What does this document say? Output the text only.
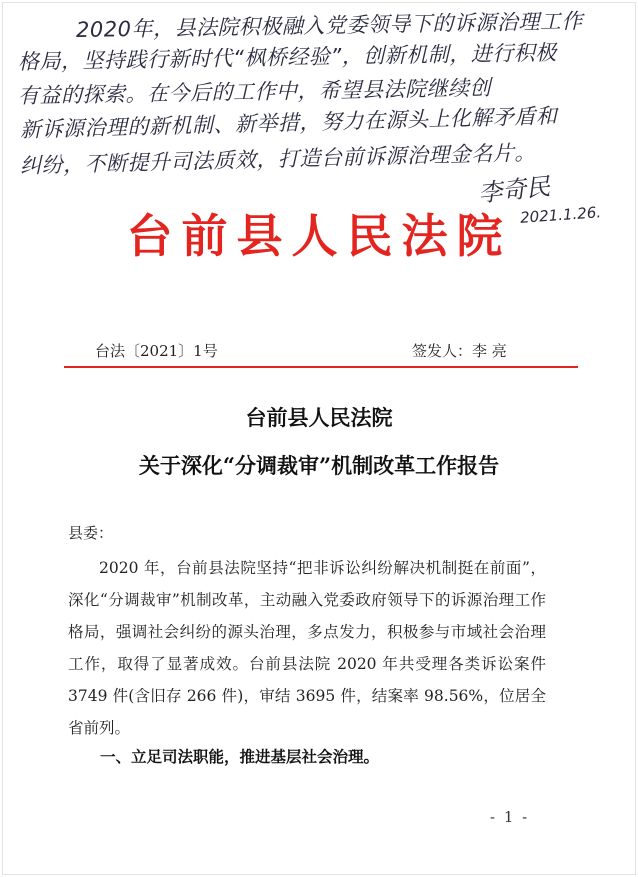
2020年，县法院积极融入党委领导下的诉源治理工作
格局，坚持践行新时代“枫桥经验”，创新机制，进行积极
有益的探索。在今后的工作中，希望县法院继续创
新诉源治理的新机制、新举措，努力在源头上化解矛盾和
纠纷，不断提升司法质效，打造台前诉源治理金名片。
李奇民
2021.1.26.
台前县人民法院
台法〔2021〕1号	签发人：李 亮
台前县人民法院
关于深化“分调裁审”机制改革工作报告
县委：
2020 年，台前县法院坚持“把非诉讼纠纷解决机制挺在前面”，深化“分调裁审”机制改革，主动融入党委政府领导下的诉源治理工作格局，强调社会纠纷的源头治理，多点发力，积极参与市域社会治理工作，取得了显著成效。台前县法院 2020 年共受理各类诉讼案件 3749 件(含旧存 266 件)，审结 3695 件，结案率 98.56%，位居全省前列。
一、立足司法职能，推进基层社会治理。
- 1 -
